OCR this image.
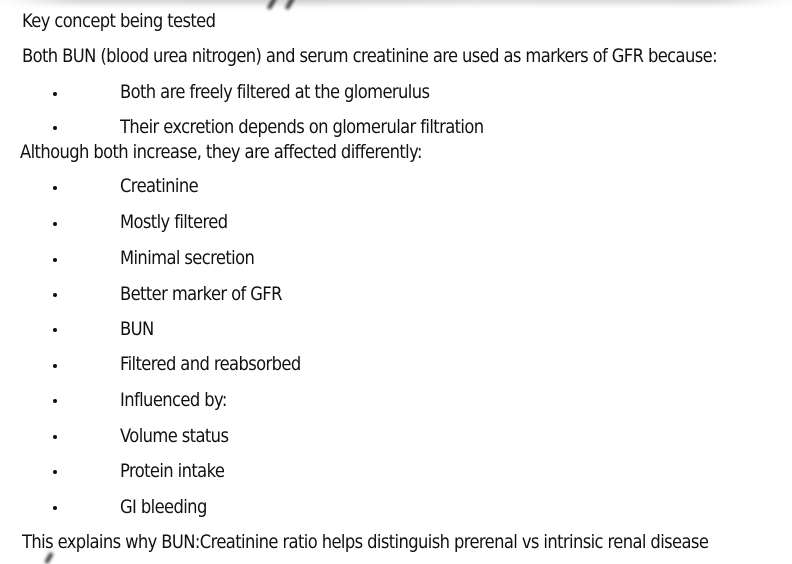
Key concept being tested
Both BUN (blood urea nitrogen) and serum creatinine are used as markers of GFR because:
Both are freely filtered at the glomerulus
Their excretion depends on glomerular filtration
Although both increase, they are affected differently:
Creatinine
Mostly filtered
Minimal secretion
Better marker of GFR
BUN
Filtered and reabsorbed
Influenced by:
Volume status
Protein intake
GI bleeding
This explains why BUN:Creatinine ratio helps distinguish prerenal vs intrinsic renal disease
